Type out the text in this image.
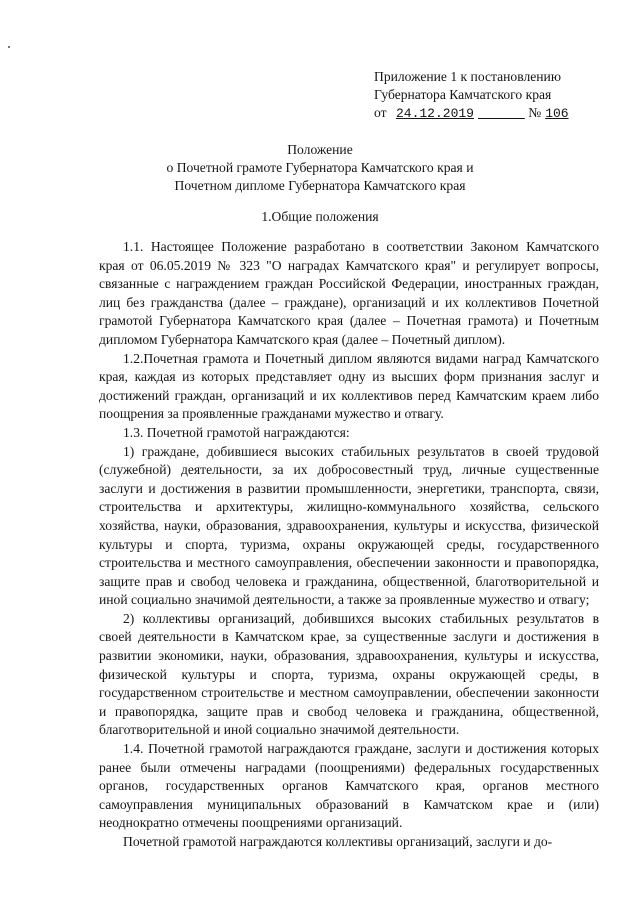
Приложение 1 к постановлению
Губернатора Камчатского края
от 24.12.2019	№ 106
Положение
о Почетной грамоте Губернатора Камчатского края и
Почетном дипломе Губернатора Камчатского края
1.Общие положения

1.1. Настоящее Положение разработано в соответствии Законом Камчатского края от 06.05.2019 № 323 "О наградах Камчатского края" и регулирует вопросы, связанные с награждением граждан Российской Федерации, иностранных граждан, лиц без гражданства (далее – граждане), организаций и их коллективов Почетной грамотой Губернатора Камчатского края (далее – Почетная грамота) и Почетным дипломом Губернатора Камчатского края (далее – Почетный диплом).

1.2.Почетная грамота и Почетный диплом являются видами наград Камчатского края, каждая из которых представляет одну из высших форм признания заслуг и достижений граждан, организаций и их коллективов перед Камчатским краем либо поощрения за проявленные гражданами мужество и отвагу.

1.3. Почетной грамотой награждаются:

1) граждане, добившиеся высоких стабильных результатов в своей трудовой (служебной) деятельности, за их добросовестный труд, личные существенные заслуги и достижения в развитии промышленности, энергетики, транспорта, связи, строительства и архитектуры, жилищно-коммунального хозяйства, сельского хозяйства, науки, образования, здравоохранения, культуры и искусства, физической культуры и спорта, туризма, охраны окружающей среды, государственного строительства и местного самоуправления, обеспечении законности и правопорядка, защите прав и свобод человека и гражданина, общественной, благотворительной и иной социально значимой деятельности, а также за проявленные мужество и отвагу;

2) коллективы организаций, добившихся высоких стабильных результатов в своей деятельности в Камчатском крае, за существенные заслуги и достижения в развитии экономики, науки, образования, здравоохранения, культуры и искусства, физической культуры и спорта, туризма, охраны окружающей среды, в государственном строительстве и местном самоуправлении, обеспечении законности и правопорядка, защите прав и свобод человека и гражданина, общественной, благотворительной и иной социально значимой деятельности.

1.4. Почетной грамотой награждаются граждане, заслуги и достижения которых ранее были отмечены наградами (поощрениями) федеральных государственных органов, государственных органов Камчатского края, органов местного самоуправления муниципальных образований в Камчатском крае и (или) неоднократно отмечены поощрениями организаций.

Почетной грамотой награждаются коллективы организаций, заслуги и до-
